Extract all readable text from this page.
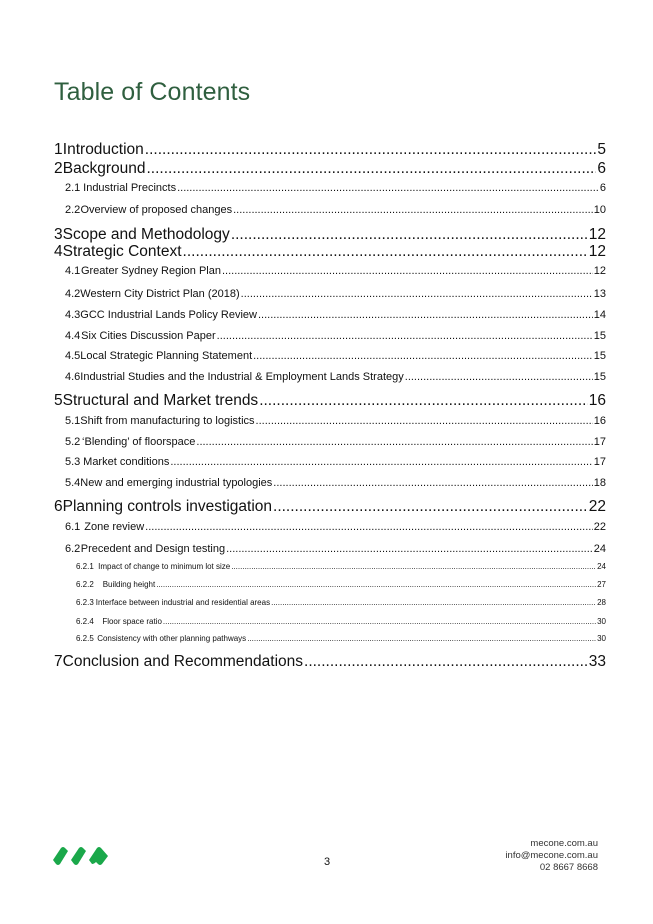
Table of Contents
1 Introduction .....	5
2 Background .....	6
2.1 Industrial Precincts .....	6
2.2 Overview of proposed changes .....	10
3 Scope and Methodology .....	12
4 Strategic Context .....	12
4.1 Greater Sydney Region Plan .....	12
4.2 Western City District Plan (2018) .....	13
4.3 GCC Industrial Lands Policy Review .....	14
4.4 Six Cities Discussion Paper .....	15
4.5 Local Strategic Planning Statement .....	15
4.6 Industrial Studies and the Industrial & Employment Lands Strategy .....	15
5 Structural and Market trends .....	16
5.1 Shift from manufacturing to logistics .....	16
5.2 ‘Blending’ of floorspace .....	17
5.3 Market conditions .....	17
5.4 New and emerging industrial typologies .....	18
6 Planning controls investigation .....	22
6.1 Zone review .....	22
6.2 Precedent and Design testing .....	24
6.2.1 Impact of change to minimum lot size .....	24
6.2.2	Building height .....	27
6.2.3 Interface between industrial and residential areas .....	28
6.2.4	Floor space ratio .....	30
6.2.5 Consistency with other planning pathways .....	30
7 Conclusion and Recommendations .....	33
3
mecone.com.au
info@mecone.com.au
02 8667 8668
